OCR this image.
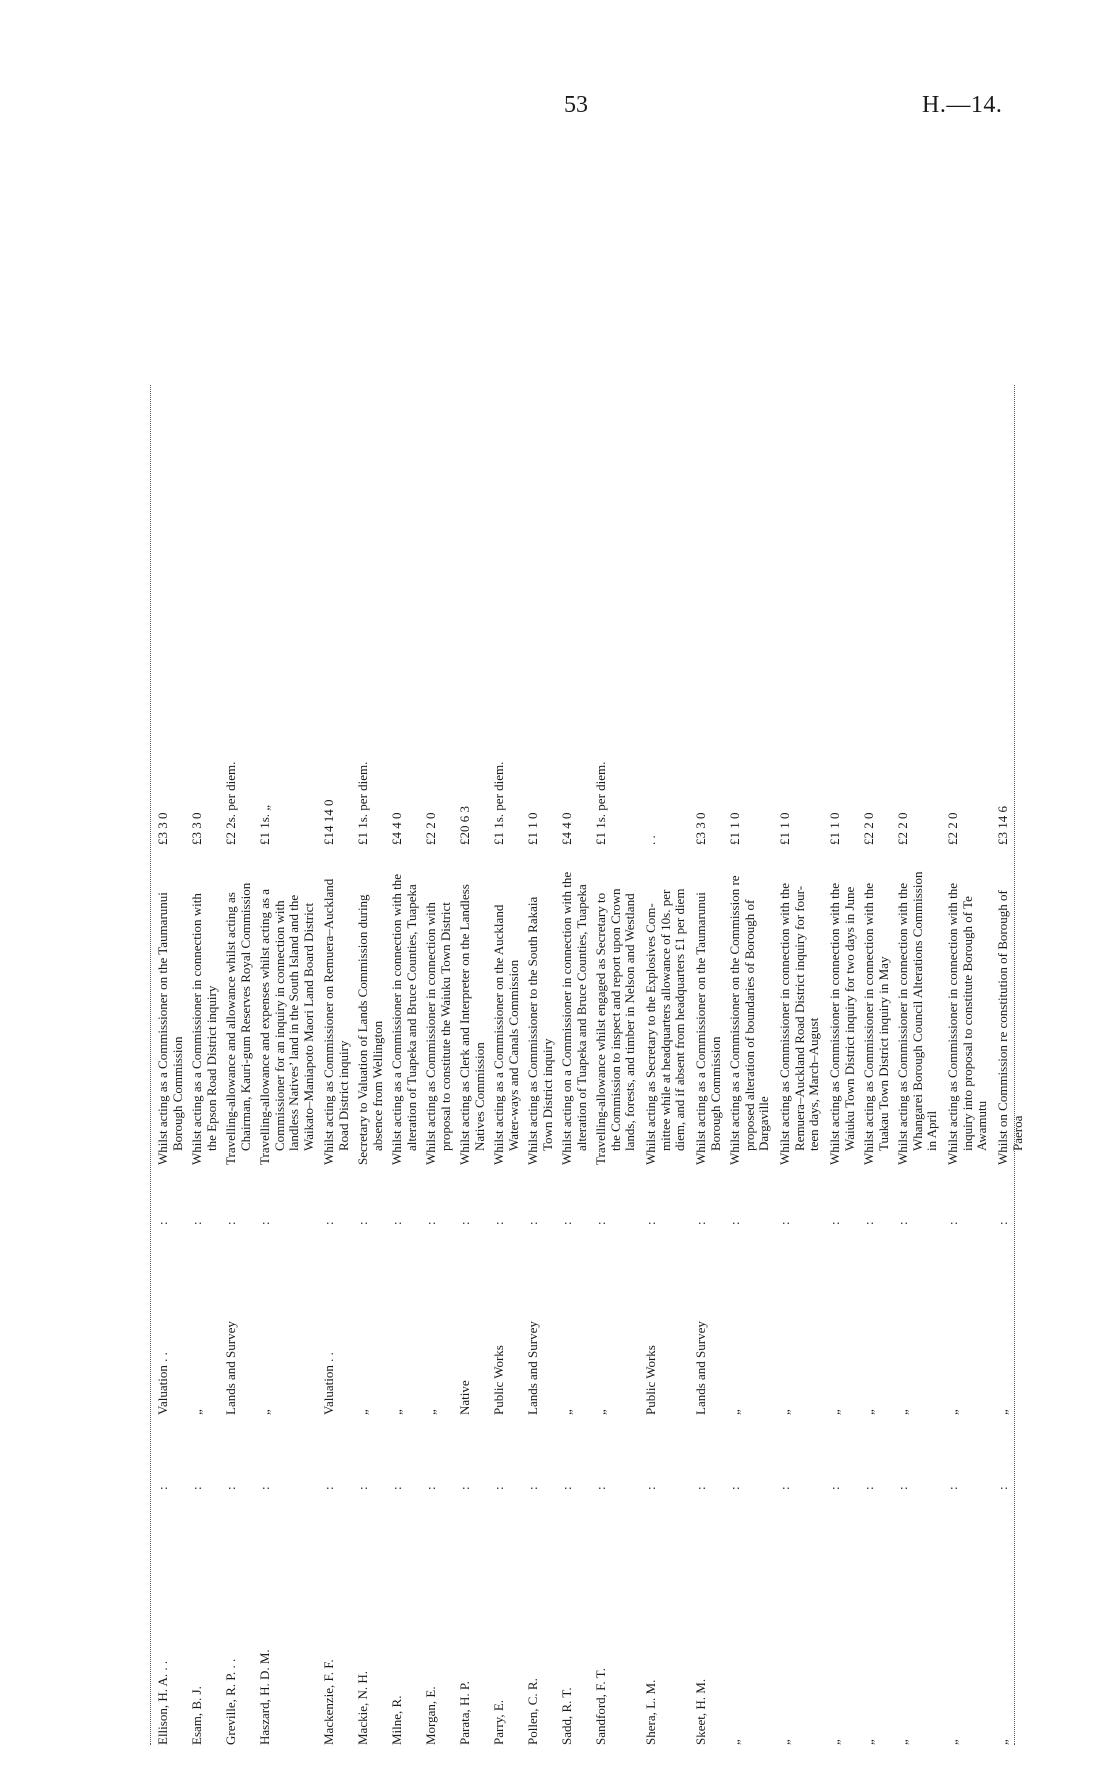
53	H.—14.
Ellison, H. A. . .
:
Valuation . .
:
Whilst acting as a Commissioner on the Taumarunui Borough Commission
£3 3 0
Esam, B. J.
:
„
:
Whilst acting as a Commissioner in connection with the Epson Road District inquiry
£3 3 0
Greville, R. P. . .
:
Lands and Survey
:
Travelling-allowance and allowance whilst acting as Chairman, Kauri-gum Reserves Royal Commission
£2 2s. per diem.
Haszard, H. D. M.
:
„
:
Travelling-allowance and expenses whilst acting as a Commissioner for an inquiry in connection with landless Natives’ land in the South Island and the Waikato–Maniapoto Maori Land Board District
£1 1s. „
Mackenzie, F. F.
:
Valuation . .
:
Whilst acting as Commissioner on Remuera–Auckland Road District inquiry
£14 14 0
Mackie, N. H.
:
„
:
Secretary to Valuation of Lands Commission during absence from Wellington
£1 1s. per diem.
Milne, R.
:
„
:
Whilst acting as a Commissioner in connection with the alteration of Tuapeka and Bruce Counties, Tuapeka
£4 4 0
Morgan, E.
:
„
:
Whilst acting as Commissioner in connection with proposal to constitute the Waiuku Town District
£2 2 0
Parata, H. P.
:
Native
:
Whilst acting as Clerk and Interpreter on the Landless Natives Commission
£20 6 3
Parry, E.
:
Public Works
:
Whilst acting as a Commissioner on the Auckland Water-ways and Canals Commission
£1 1s. per diem.
Pollen, C. R.
:
Lands and Survey
:
Whilst acting as Commissioner to the South Rakaia Town District inquiry
£1 1 0
Sadd, R. T.
:
„
:
Whilst acting on a Commissioner in connection with the alteration of Tuapeka and Bruce Counties, Tuapeka
£4 4 0
Sandford, F. T.
:
„
:
Travelling-allowance whilst engaged as Secretary to the Commission to inspect and report upon Crown lands, forests, and timber in Nelson and Westland
£1 1s. per diem.
Shera, L. M.
:
Public Works
:
Whilst acting as Secretary to the Explosives Com- mittee while at headquarters allowance of 10s. per diem, and if absent from headquarters £1 per diem
. .
Skeet, H. M.
:
Lands and Survey
:
Whilst acting as a Commissioner on the Taumarunui Borough Commission
£3 3 0
„
:
„
:
Whilst acting as a Commissioner on the Commission re proposed alteration of boundaries of Borough of Dargaville
£1 1 0
„
:
„
:
Whilst acting as Commissioner in connection with the Remuera–Auckland Road District inquiry for four- teen days, March–August
£1 1 0
„
:
„
:
Whilst acting as Commissioner in connection with the Waiuku Town District inquiry for two days in June
£1 1 0
„
:
„
:
Whilst acting as Commissioner in connection with the Tuakau Town District inquiry in May
£2 2 0
„
:
„
:
Whilst acting as Commissioner in connection with the Whangarei Borough Council Alterations Commission in April
£2 2 0
„
:
„
:
Whilst acting as Commissioner in connection with the inquiry into proposal to constitute Borough of Te Awamutu
£2 2 0
„
:
„
:
Whilst on Commission re constitution of Borough of Paeroa
£3 14 6
